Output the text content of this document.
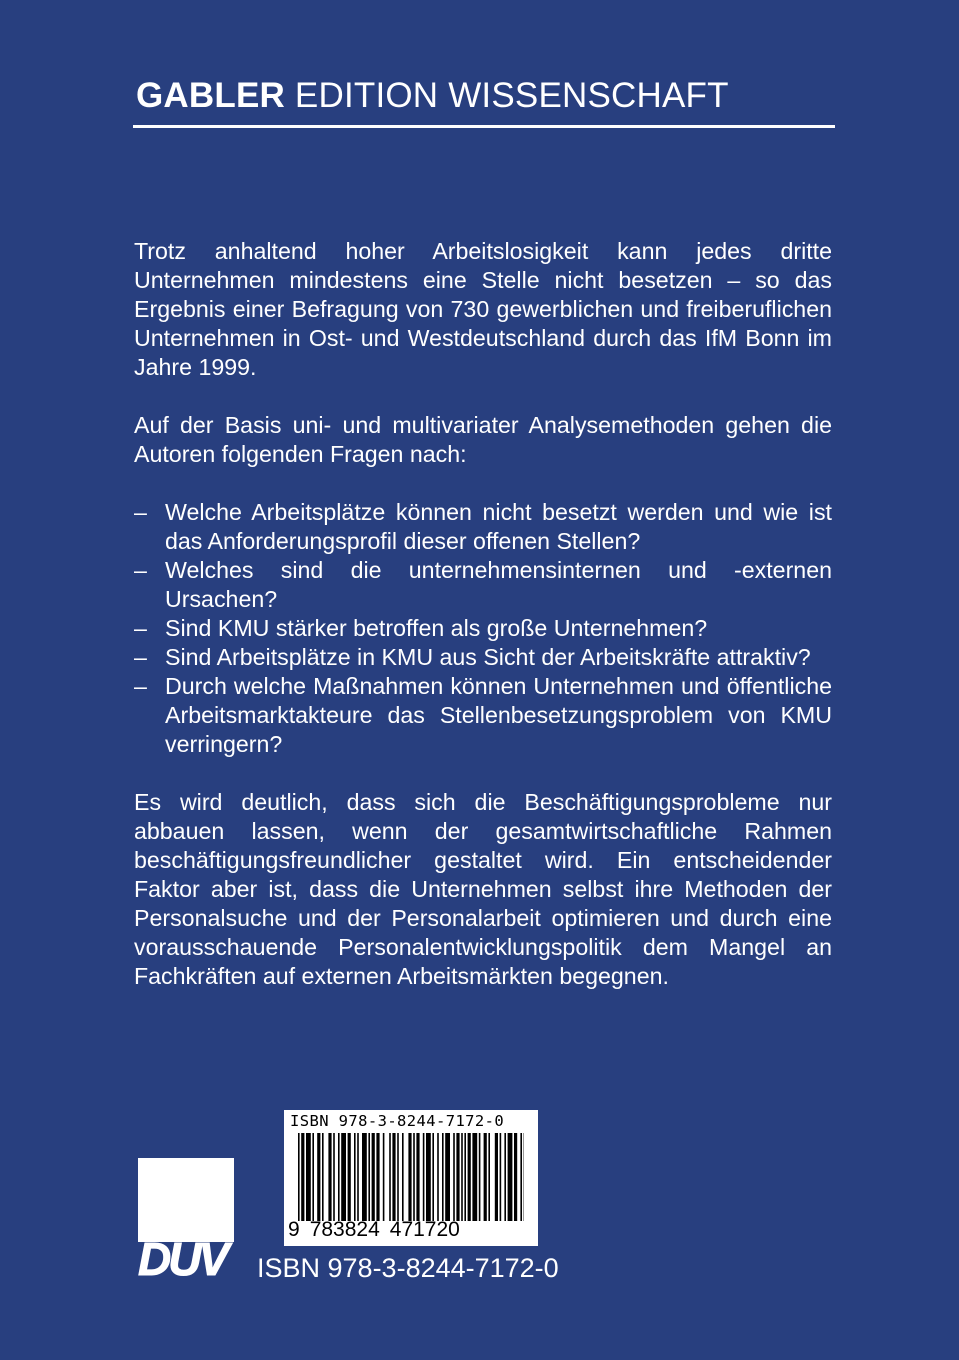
GABLER EDITION WISSENSCHAFT

Trotz anhaltend hoher Arbeitslosigkeit kann jedes dritte Unternehmen mindestens eine Stelle nicht besetzen – so das Ergebnis einer Befragung von 730 gewerblichen und freiberuflichen Unternehmen in Ost- und Westdeutschland durch das IfM Bonn im Jahre 1999.

Auf der Basis uni- und multivariater Analysemethoden gehen die Autoren folgenden Fragen nach:

– Welche Arbeitsplätze können nicht besetzt werden und wie ist das Anforderungsprofil dieser offenen Stellen?
– Welches sind die unternehmensinternen und -externen Ursachen?
– Sind KMU stärker betroffen als große Unternehmen?
– Sind Arbeitsplätze in KMU aus Sicht der Arbeitskräfte attraktiv?
– Durch welche Maßnahmen können Unternehmen und öffentliche Arbeitsmarktakteure das Stellenbesetzungsproblem von KMU verringern?

Es wird deutlich, dass sich die Beschäftigungsprobleme nur abbauen lassen, wenn der gesamtwirtschaftliche Rahmen beschäftigungsfreundlicher gestaltet wird. Ein entscheidender Faktor aber ist, dass die Unternehmen selbst ihre Methoden der Personalsuche und der Personalarbeit optimieren und durch eine vorausschauende Personalentwicklungspolitik dem Mangel an Fachkräften auf externen Arbeitsmärkten begegnen.

ISBN 978-3-8244-7172-0
9 783824 471720
DUV ISBN 978-3-8244-7172-0
